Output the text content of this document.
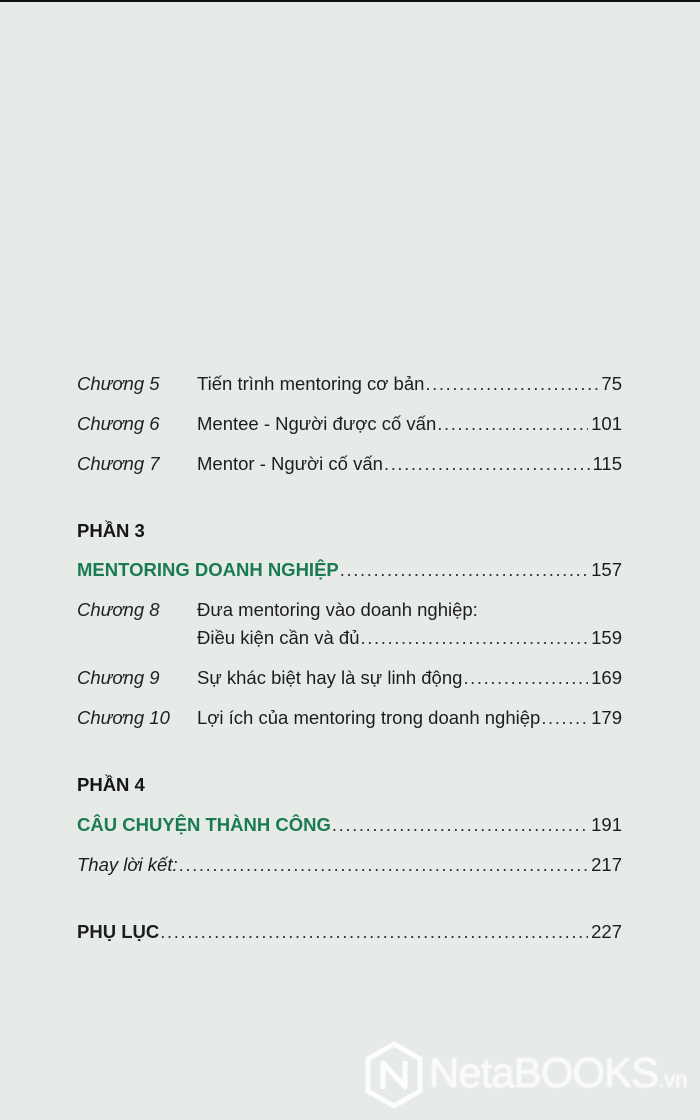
Chương 5 Tiến trình mentoring cơ bản .....	75
Chương 6 Mentee - Người được cố vấn .....	101
Chương 7 Mentor - Người cố vấn .....	115
PHẦN 3
MENTORING DOANH NGHIỆP .....	157
Chương 8 Đưa mentoring vào doanh nghiệp:
Điều kiện cần và đủ .....	159
Chương 9 Sự khác biệt hay là sự linh động .....	169
Chương 10 Lợi ích của mentoring trong doanh nghiệp .....	179
PHẦN 4
CÂU CHUYỆN THÀNH CÔNG .....	191
Thay lời kết: .....	217
PHỤ LỤC .....	227
NetaBOOKS.vn
